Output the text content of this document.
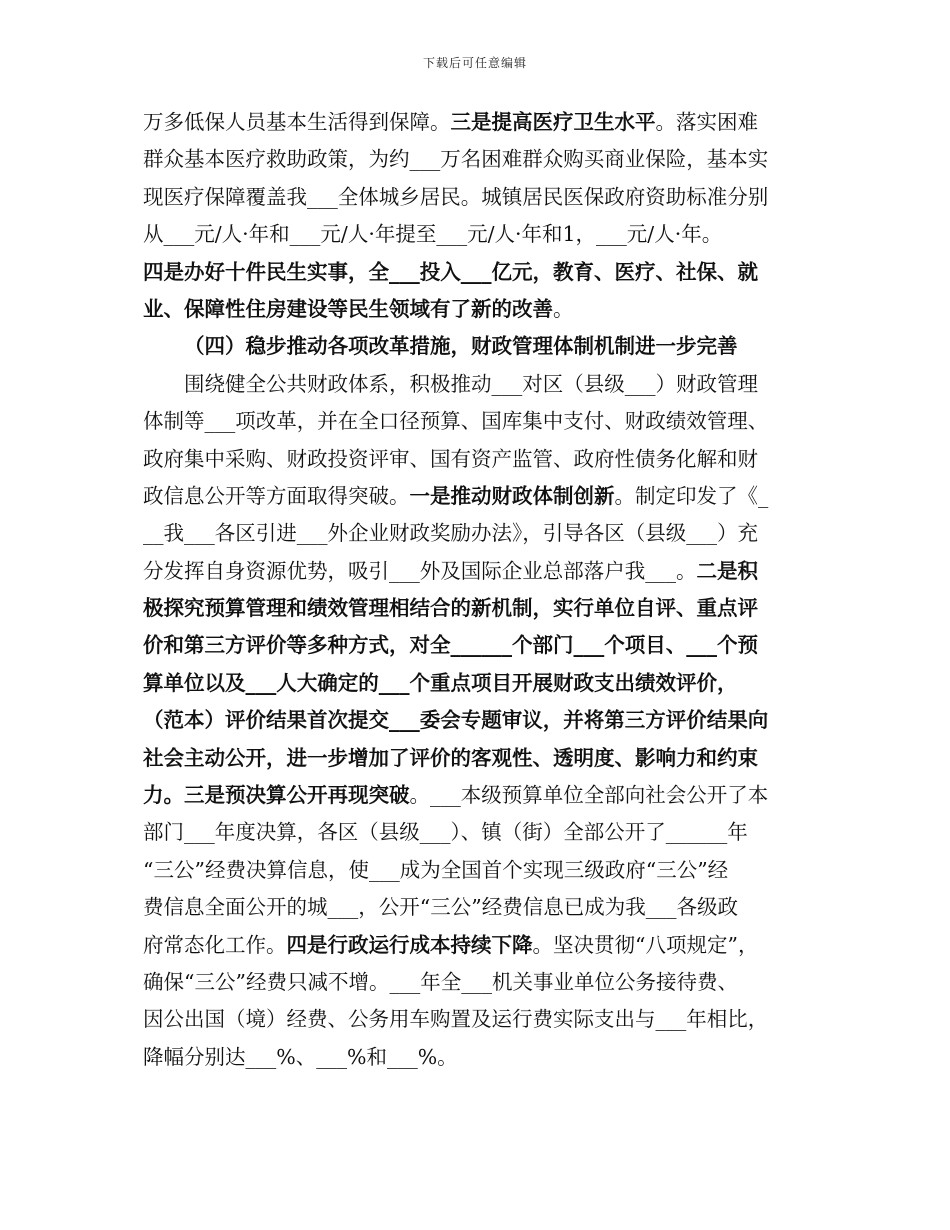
下载后可任意编辑
万多低保人员基本生活得到保障。三是提高医疗卫生水平。落实困难
群众基本医疗救助政策，为约___万名困难群众购买商业保险，基本实
现医疗保障覆盖我___全体城乡居民。城镇居民医保政府资助标准分别
从___元/人·年和___元/人·年提至___元/人·年和1，___元/人·年。
四是办好十件民生实事，全___投入___亿元，教育、医疗、社保、就
业、保障性住房建设等民生领域有了新的改善。
（四）稳步推动各项改革措施，财政管理体制机制进一步完善
围绕健全公共财政体系，积极推动___对区（县级___）财政管理
体制等___项改革，并在全口径预算、国库集中支付、财政绩效管理、
政府集中采购、财政投资评审、国有资产监管、政府性债务化解和财
政信息公开等方面取得突破。一是推动财政体制创新。制定印发了《_
__我___各区引进___外企业财政奖励办法》，引导各区（县级___）充
分发挥自身资源优势，吸引___外及国际企业总部落户我___。二是积
极探究预算管理和绩效管理相结合的新机制，实行单位自评、重点评
价和第三方评价等多种方式，对全______个部门___个项目、___个预
算单位以及___人大确定的___个重点项目开展财政支出绩效评价，
（范本）评价结果首次提交___委会专题审议，并将第三方评价结果向
社会主动公开，进一步增加了评价的客观性、透明度、影响力和约束
力。三是预决算公开再现突破。___本级预算单位全部向社会公开了本
部门___年度决算，各区（县级___）、镇（街）全部公开了______年
“三公”经费决算信息，使___成为全国首个实现三级政府“三公”经
费信息全面公开的城___，公开“三公”经费信息已成为我___各级政
府常态化工作。四是行政运行成本持续下降。坚决贯彻“八项规定”，
确保“三公”经费只减不增。___年全___机关事业单位公务接待费、
因公出国（境）经费、公务用车购置及运行费实际支出与___年相比，
降幅分别达___%、___%和___%。
